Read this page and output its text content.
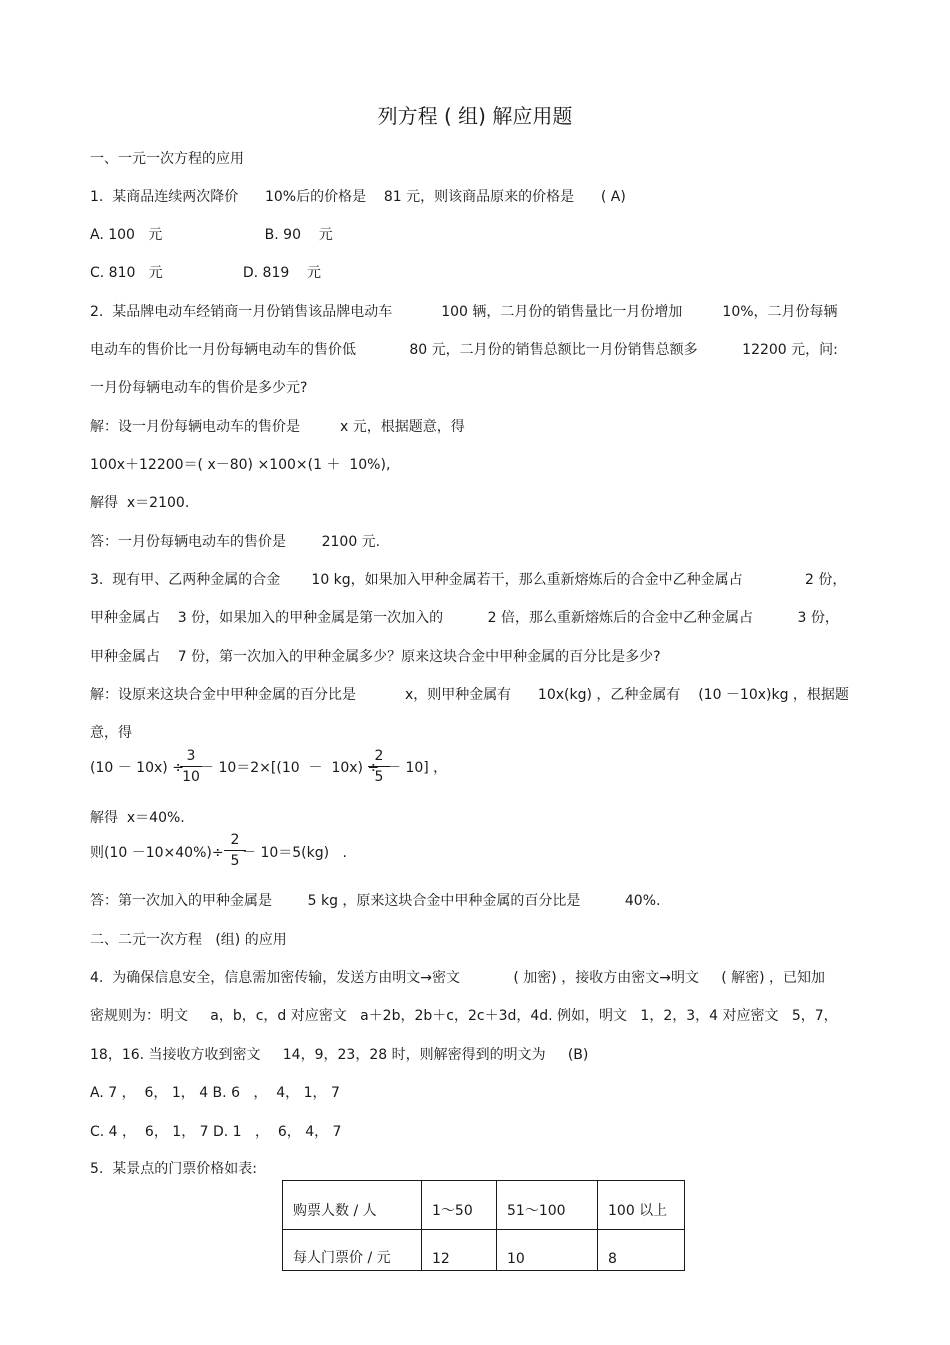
列方程 ( 组) 解应用题
一、一元一次方程的应用
1.  某商品连续两次降价      10%后的价格是    81 元，则该商品原来的价格是      ( A)
A. 100   元                       B. 90    元
C. 810   元                  D. 819    元
2.  某品牌电动车经销商一月份销售该品牌电动车           100 辆，二月份的销售量比一月份增加         10%，二月份每辆
电动车的售价比一月份每辆电动车的售价低            80 元，二月份的销售总额比一月份销售总额多          12200 元，问:
一月份每辆电动车的售价是多少元?
解：设一月份每辆电动车的售价是         x 元，根据题意，得
100x＋12200＝( x－80) ×100×(1 ＋  10%),
解得  x＝2100.
答：一月份每辆电动车的售价是        2100 元.
3.  现有甲、乙两种金属的合金       10 kg，如果加入甲种金属若干，那么重新熔炼后的合金中乙种金属占              2 份，
甲种金属占    3 份，如果加入的甲种金属是第一次加入的          2 倍，那么重新熔炼后的合金中乙种金属占          3 份，
甲种金属占    7 份，第一次加入的甲种金属多少？原来这块合金中甲种金属的百分比是多少?
解：设原来这块合金中甲种金属的百分比是           x，则甲种金属有      10x(kg) ，乙种金属有    (10 －10x)kg ，根据题
意，得
(10 － 10x) ÷
3
10
－ 10＝2×[(10  －  10x) ÷
2
5
－ 10] ，
解得  x＝40%.
则(10 －10×40%)÷
2
5 － 10＝5(kg)   .
答：第一次加入的甲种金属是        5 kg ，原来这块合金中甲种金属的百分比是          40%.
二、二元一次方程   (组) 的应用
4.  为确保信息安全，信息需加密传输，发送方由明文→密文            ( 加密) ，接收方由密文→明文     ( 解密) ，已知加
密规则为：明文     a，b，c，d 对应密文   a＋2b，2b＋c，2c＋3d，4d. 例如，明文   1，2，3，4 对应密文   5，7，
18，16. 当接收方收到密文     14，9，23，28 时，则解密得到的明文为     (B)
A. 7 ，  6， 1， 4 B. 6   ，  4， 1， 7
C. 4 ，  6， 1， 7 D. 1   ，  6， 4， 7
5.  某景点的门票价格如表:
购票人数 / 人	1～50	51～100	100 以上
每人门票价 / 元	12	10	8
